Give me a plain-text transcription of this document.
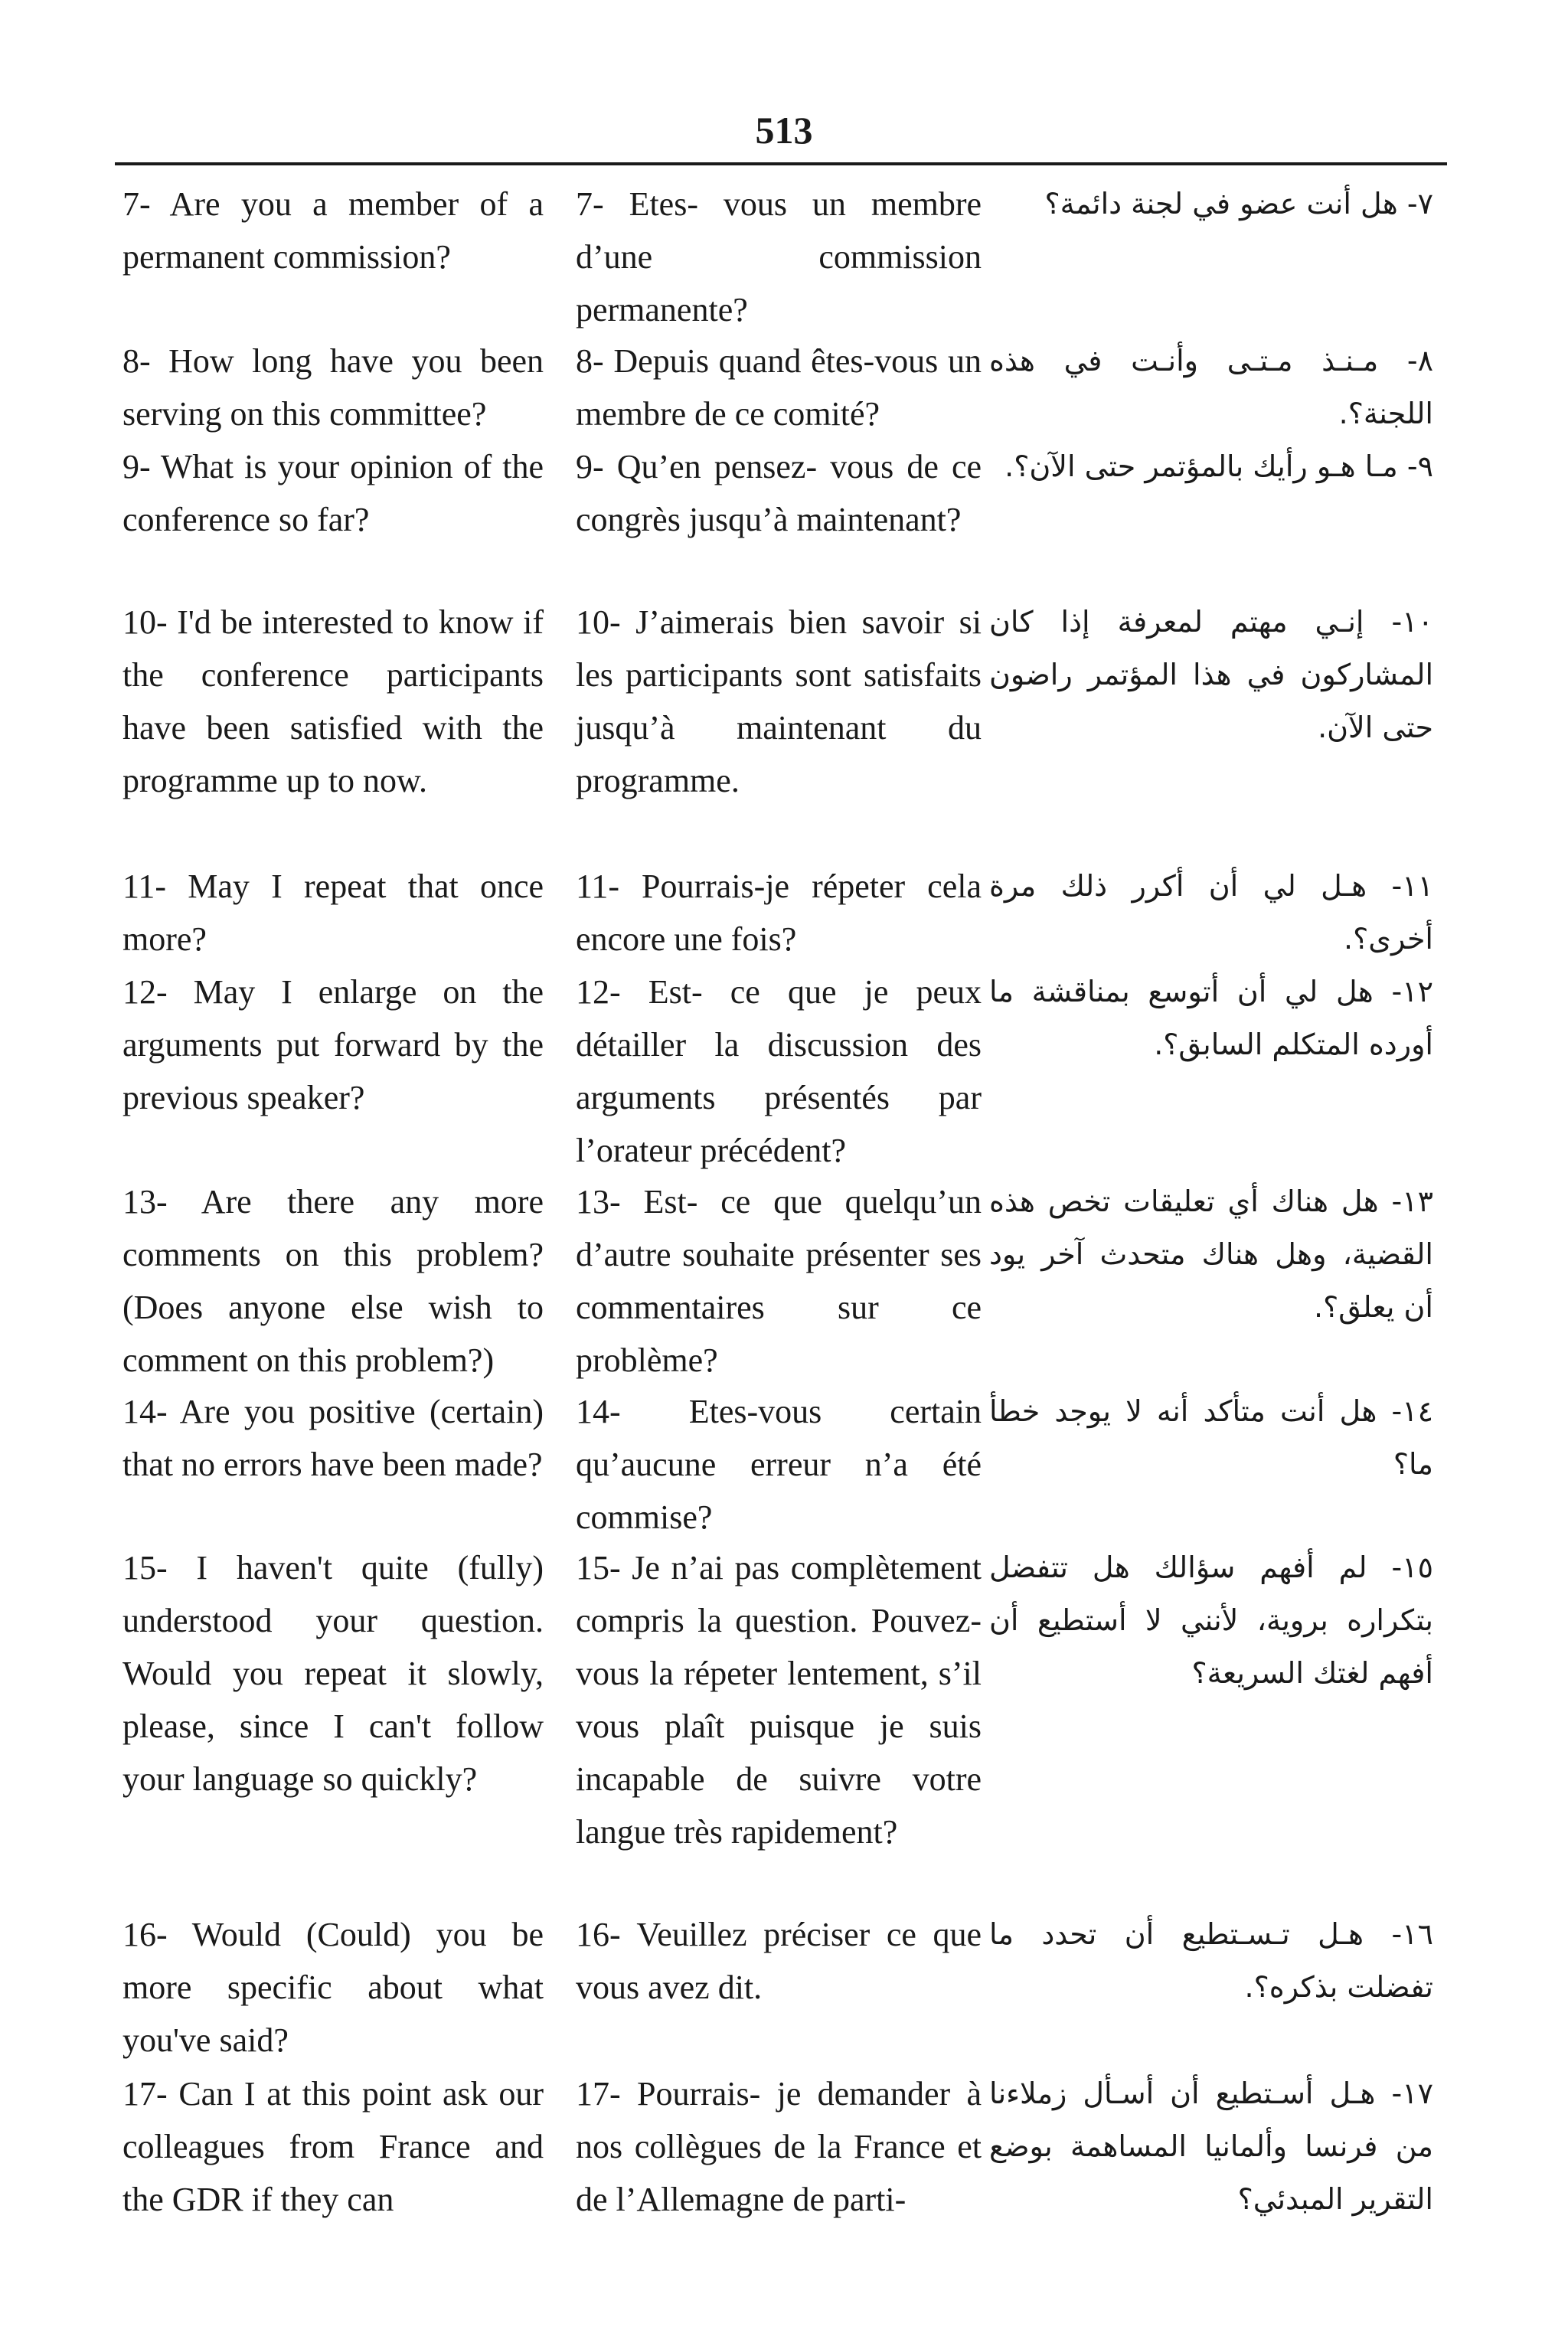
513
7- Are you a member of a permanent commission?
7- Etes- vous un membre d’une commission permanente?
٧- هل أنت عضو في لجنة دائمة؟
8- How long have you been serving on this committee?
8- Depuis quand êtes-vous un membre de ce comité?
٨- مـنـذ مـتـى وأنـت في هذه اللجنة؟.
9- What is your opinion of the conference so far?
9- Qu’en pensez- vous de ce congrès jusqu’à maintenant?
٩- مـا هـو رأيك بالمؤتمر حتى الآن؟.
10- I'd be interested to know if the conference participants have been satisfied with the programme up to now.
10- J’aimerais bien savoir si les participants sont satisfaits jusqu’à maintenant du programme.
١٠- إنـي مهتم لمعرفة إذا كان المشاركون في هذا المؤتمر راضون حتى الآن.
11- May I repeat that once more?
11- Pourrais-je répeter cela encore une fois?
١١- هـل لي أن أكرر ذلك مرة أخرى؟.
12- May I enlarge on the arguments put forward by the previous speaker?
12- Est- ce que je peux détailler la discussion des arguments présentés par l’orateur précédent?
١٢- هل لي أن أتوسع بمناقشة ما أورده المتكلم السابق؟.
13- Are there any more comments on this problem? (Does anyone else wish to comment on this problem?)
13- Est- ce que quelqu’un d’autre souhaite présenter ses commentaires sur ce problème?
١٣- هل هناك أي تعليقات تخص هذه القضية، وهل هناك متحدث آخر يود أن يعلق؟.
14- Are you positive (certain) that no errors have been made?
14- Etes-vous certain qu’aucune erreur n’a été commise?
١٤- هل أنت متأكد أنه لا يوجد خطأ ما؟
15- I haven't quite (fully) understood your question. Would you repeat it slowly, please, since I can't follow your language so quickly?
15- Je n’ai pas complètement compris la question. Pouvez-vous la répeter lentement, s’il vous plaît puisque je suis incapable de suivre votre langue très rapidement?
١٥- لم أفهم سؤالك هل تتفضل بتكراره بروية، لأنني لا أستطيع أن أفهم لغتك السريعة؟
16- Would (Could) you be more specific about what you've said?
16- Veuillez préciser ce que vous avez dit.
١٦- هـل تـسـتطيع أن تحدد ما تفضلت بذكره؟.
17- Can I at this point ask our colleagues from France and the GDR if they can
17- Pourrais- je demander à nos collègues de la France et de l’Allemagne de parti-
١٧- هـل أسـتطيع أن أسـأل زملاءنا من فرنسا وألمانيا المساهمة بوضع التقرير المبدئي؟
